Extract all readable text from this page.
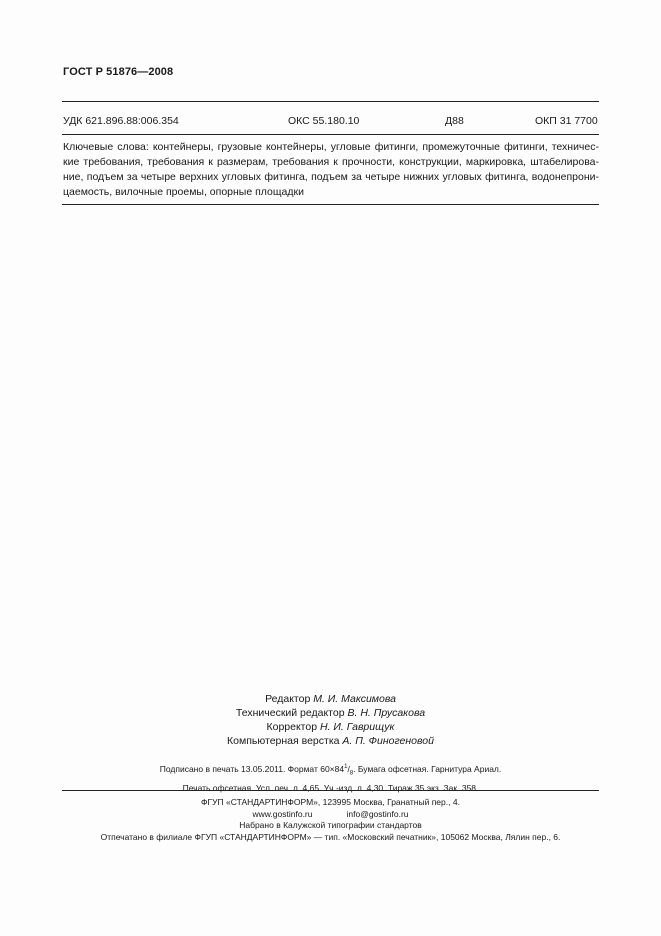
ГОСТ Р 51876—2008
УДК 621.896.88:006.354	ОКС 55.180.10	Д88	ОКП 31 7700

Ключевые слова: контейнеры, грузовые контейнеры, угловые фитинги, промежуточные фитинги, техничес-

кие требования, требования к размерам, требования к прочности, конструкции, маркировка, штабелирова-

ние, подъем за четыре верхних угловых фитинга, подъем за четыре нижних угловых фитинга, водонепрони-

цаемость, вилочные проемы, опорные площадки

Редактор М. И. Максимова
Технический редактор В. Н. Прусакова
Корректор Н. И. Гаврищук
Компьютерная верстка А. П. Финогеновой
Подписано в печать 13.05.2011. Формат $60\times 84^1/_8$. Бумага офсетная. Гарнитура Ариал.
Печать офсетная. Усл. печ. л. 4,65. Уч.-изд. л. 4,30. Тираж 35 экз. Зак. 358.
ФГУП «СТАНДАРТИНФОРМ», 123995 Москва, Гранатный пер., 4.
www.gostinfo.ru	info@gostinfo.ru
Набрано в Калужской типографии стандартов
Отпечатано в филиале ФГУП «СТАНДАРТИНФОРМ» — тип. «Московский печатник», 105062 Москва, Лялин пер., 6.
